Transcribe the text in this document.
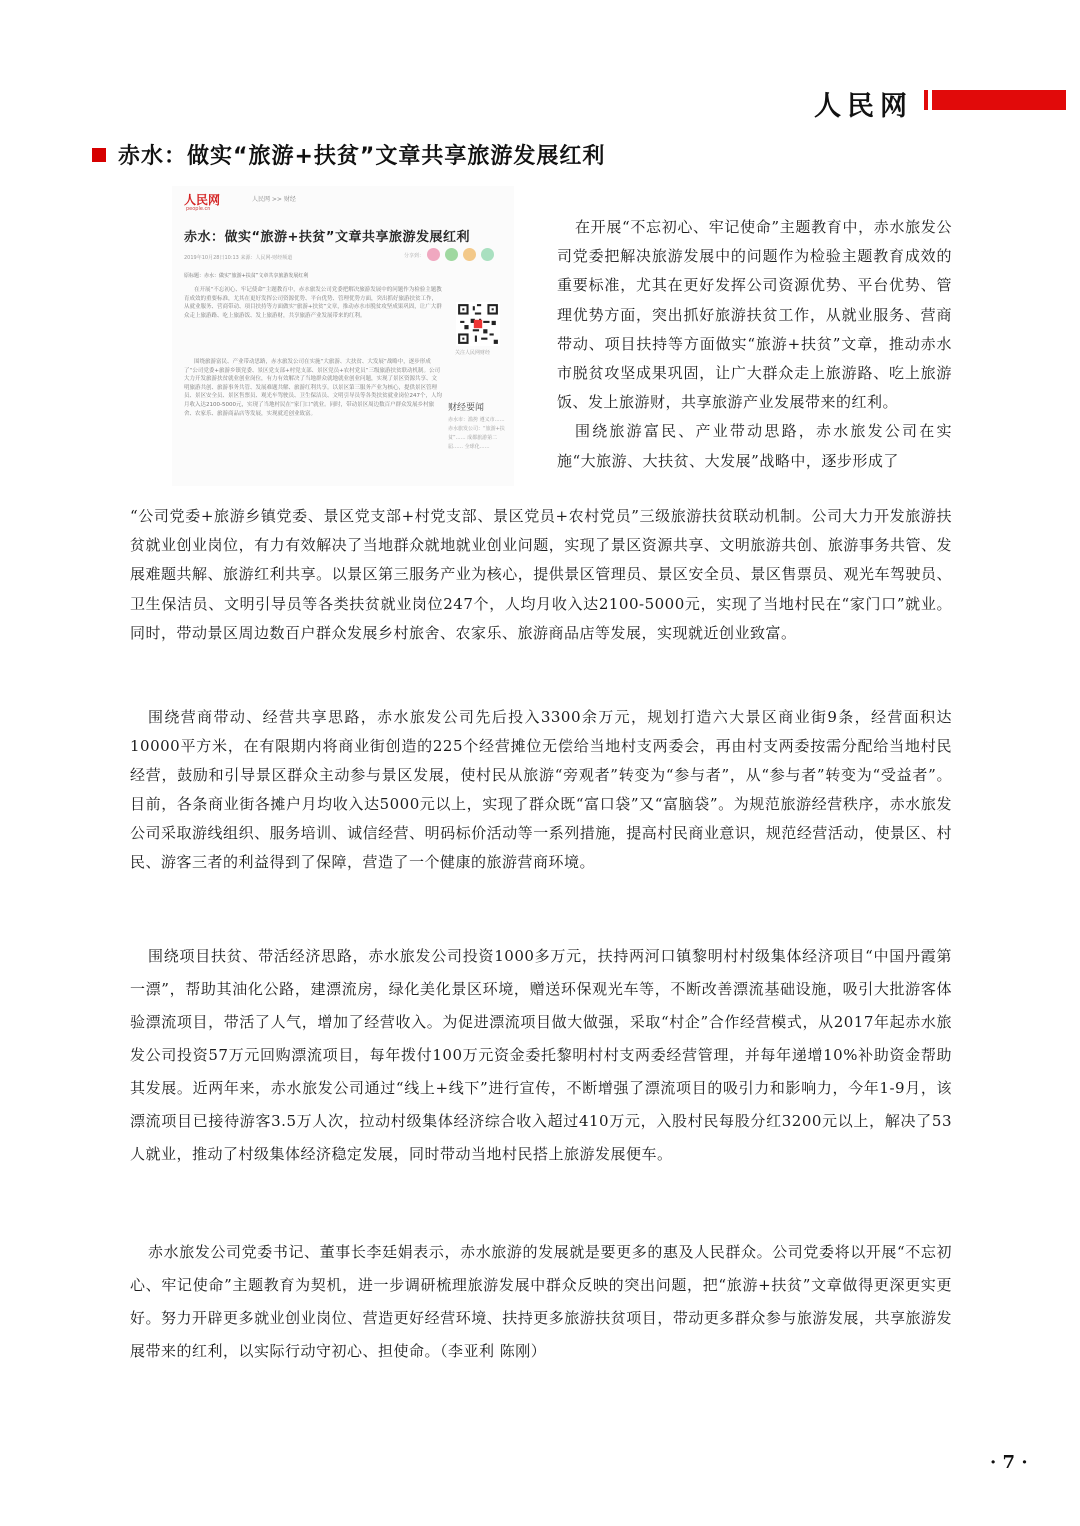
人民网
赤水：做实“旅游+扶贫”文章共享旅游发展红利
人民网
people.cn
人民网 >> 财经
赤水：做实“旅游+扶贫”文章共享旅游发展红利
2019年10月28日10:13 来源：人民网-财经频道	分享到：
原标题：赤水：做实“旅游+扶贫”文章共享旅游发展红利
在开展“不忘初心、牢记使命”主题教育中，赤水旅发公司党委把解决旅游发展中的问题作为检验主题教育成效的重要标准，尤其在更好发挥公司资源优势、平台优势、管理优势方面，突出抓好旅游扶贫工作，从就业服务、营商带动、项目扶持等方面做实“旅游+扶贫”文章，推动赤水市脱贫攻坚成果巩固，让广大群众走上旅游路、吃上旅游饭、发上旅游财，共享旅游产业发展带来的红利。
围绕旅游富民、产业带动思路，赤水旅发公司在实施“大旅游、大扶贫、大发展”战略中，逐步形成了“公司党委+旅游乡镇党委、景区党支部+村党支部、景区党员+农村党员”三级旅游扶贫联动机制。公司大力开发旅游扶贫就业创业岗位，有力有效解决了当地群众就地就业创业问题，实现了景区资源共享、文明旅游共创、旅游事务共管、发展难题共解、旅游红利共享。以景区第三服务产业为核心，提供景区管理员、景区安全员、景区售票员、观光车驾驶员、卫生保洁员、文明引导员等各类扶贫就业岗位247个，人均月收入达2100-5000元，实现了当地村民在“家门口”就业。同时，带动景区周边数百户群众发展乡村旅舍、农家乐、旅游商品店等发展，实现就近创业致富。
关注人民网财经
财经要闻
赤水市：滥挎 遵义市…… 赤水旅发公司：“旅游+扶贫”…… 成都旅游第二届…… 全球化……
在开展“不忘初心、牢记使命”主题教育中，赤水旅发公司党委把解决旅游发展中的问题作为检验主题教育成效的重要标准，尤其在更好发挥公司资源优势、平台优势、管理优势方面，突出抓好旅游扶贫工作，从就业服务、营商带动、项目扶持等方面做实“旅游+扶贫”文章，推动赤水市脱贫攻坚成果巩固，让广大群众走上旅游路、吃上旅游饭、发上旅游财，共享旅游产业发展带来的红利。
围绕旅游富民、产业带动思路，赤水旅发公司在实施“大旅游、大扶贫、大发展”战略中，逐步形成了
“公司党委+旅游乡镇党委、景区党支部+村党支部、景区党员+农村党员”三级旅游扶贫联动机制。公司大力开发旅游扶贫就业创业岗位，有力有效解决了当地群众就地就业创业问题，实现了景区资源共享、文明旅游共创、旅游事务共管、发展难题共解、旅游红利共享。以景区第三服务产业为核心，提供景区管理员、景区安全员、景区售票员、观光车驾驶员、卫生保洁员、文明引导员等各类扶贫就业岗位247个，人均月收入达2100-5000元，实现了当地村民在“家门口”就业。同时，带动景区周边数百户群众发展乡村旅舍、农家乐、旅游商品店等发展，实现就近创业致富。
围绕营商带动、经营共享思路，赤水旅发公司先后投入3300余万元，规划打造六大景区商业街9条，经营面积达10000平方米，在有限期内将商业街创造的225个经营摊位无偿给当地村支两委会，再由村支两委按需分配给当地村民经营，鼓励和引导景区群众主动参与景区发展，使村民从旅游“旁观者”转变为“参与者”，从“参与者”转变为“受益者”。目前，各条商业街各摊户月均收入达5000元以上，实现了群众既“富口袋”又“富脑袋”。为规范旅游经营秩序，赤水旅发公司采取游线组织、服务培训、诚信经营、明码标价活动等一系列措施，提高村民商业意识，规范经营活动，使景区、村民、游客三者的利益得到了保障，营造了一个健康的旅游营商环境。
围绕项目扶贫、带活经济思路，赤水旅发公司投资1000多万元，扶持两河口镇黎明村村级集体经济项目“中国丹霞第一漂”，帮助其油化公路，建漂流房，绿化美化景区环境，赠送环保观光车等，不断改善漂流基础设施，吸引大批游客体验漂流项目，带活了人气，增加了经营收入。为促进漂流项目做大做强，采取“村企”合作经营模式，从2017年起赤水旅发公司投资57万元回购漂流项目，每年拨付100万元资金委托黎明村村支两委经营管理，并每年递增10%补助资金帮助其发展。近两年来，赤水旅发公司通过“线上+线下”进行宣传，不断增强了漂流项目的吸引力和影响力，今年1-9月，该漂流项目已接待游客3.5万人次，拉动村级集体经济综合收入超过410万元，入股村民每股分红3200元以上，解决了53人就业，推动了村级集体经济稳定发展，同时带动当地村民搭上旅游发展便车。
赤水旅发公司党委书记、董事长李廷娟表示，赤水旅游的发展就是要更多的惠及人民群众。公司党委将以开展“不忘初心、牢记使命”主题教育为契机，进一步调研梳理旅游发展中群众反映的突出问题，把“旅游+扶贫”文章做得更深更实更好。努力开辟更多就业创业岗位、营造更好经营环境、扶持更多旅游扶贫项目，带动更多群众参与旅游发展，共享旅游发展带来的红利，以实际行动守初心、担使命。（李亚利 陈刚）
· 7 ·
